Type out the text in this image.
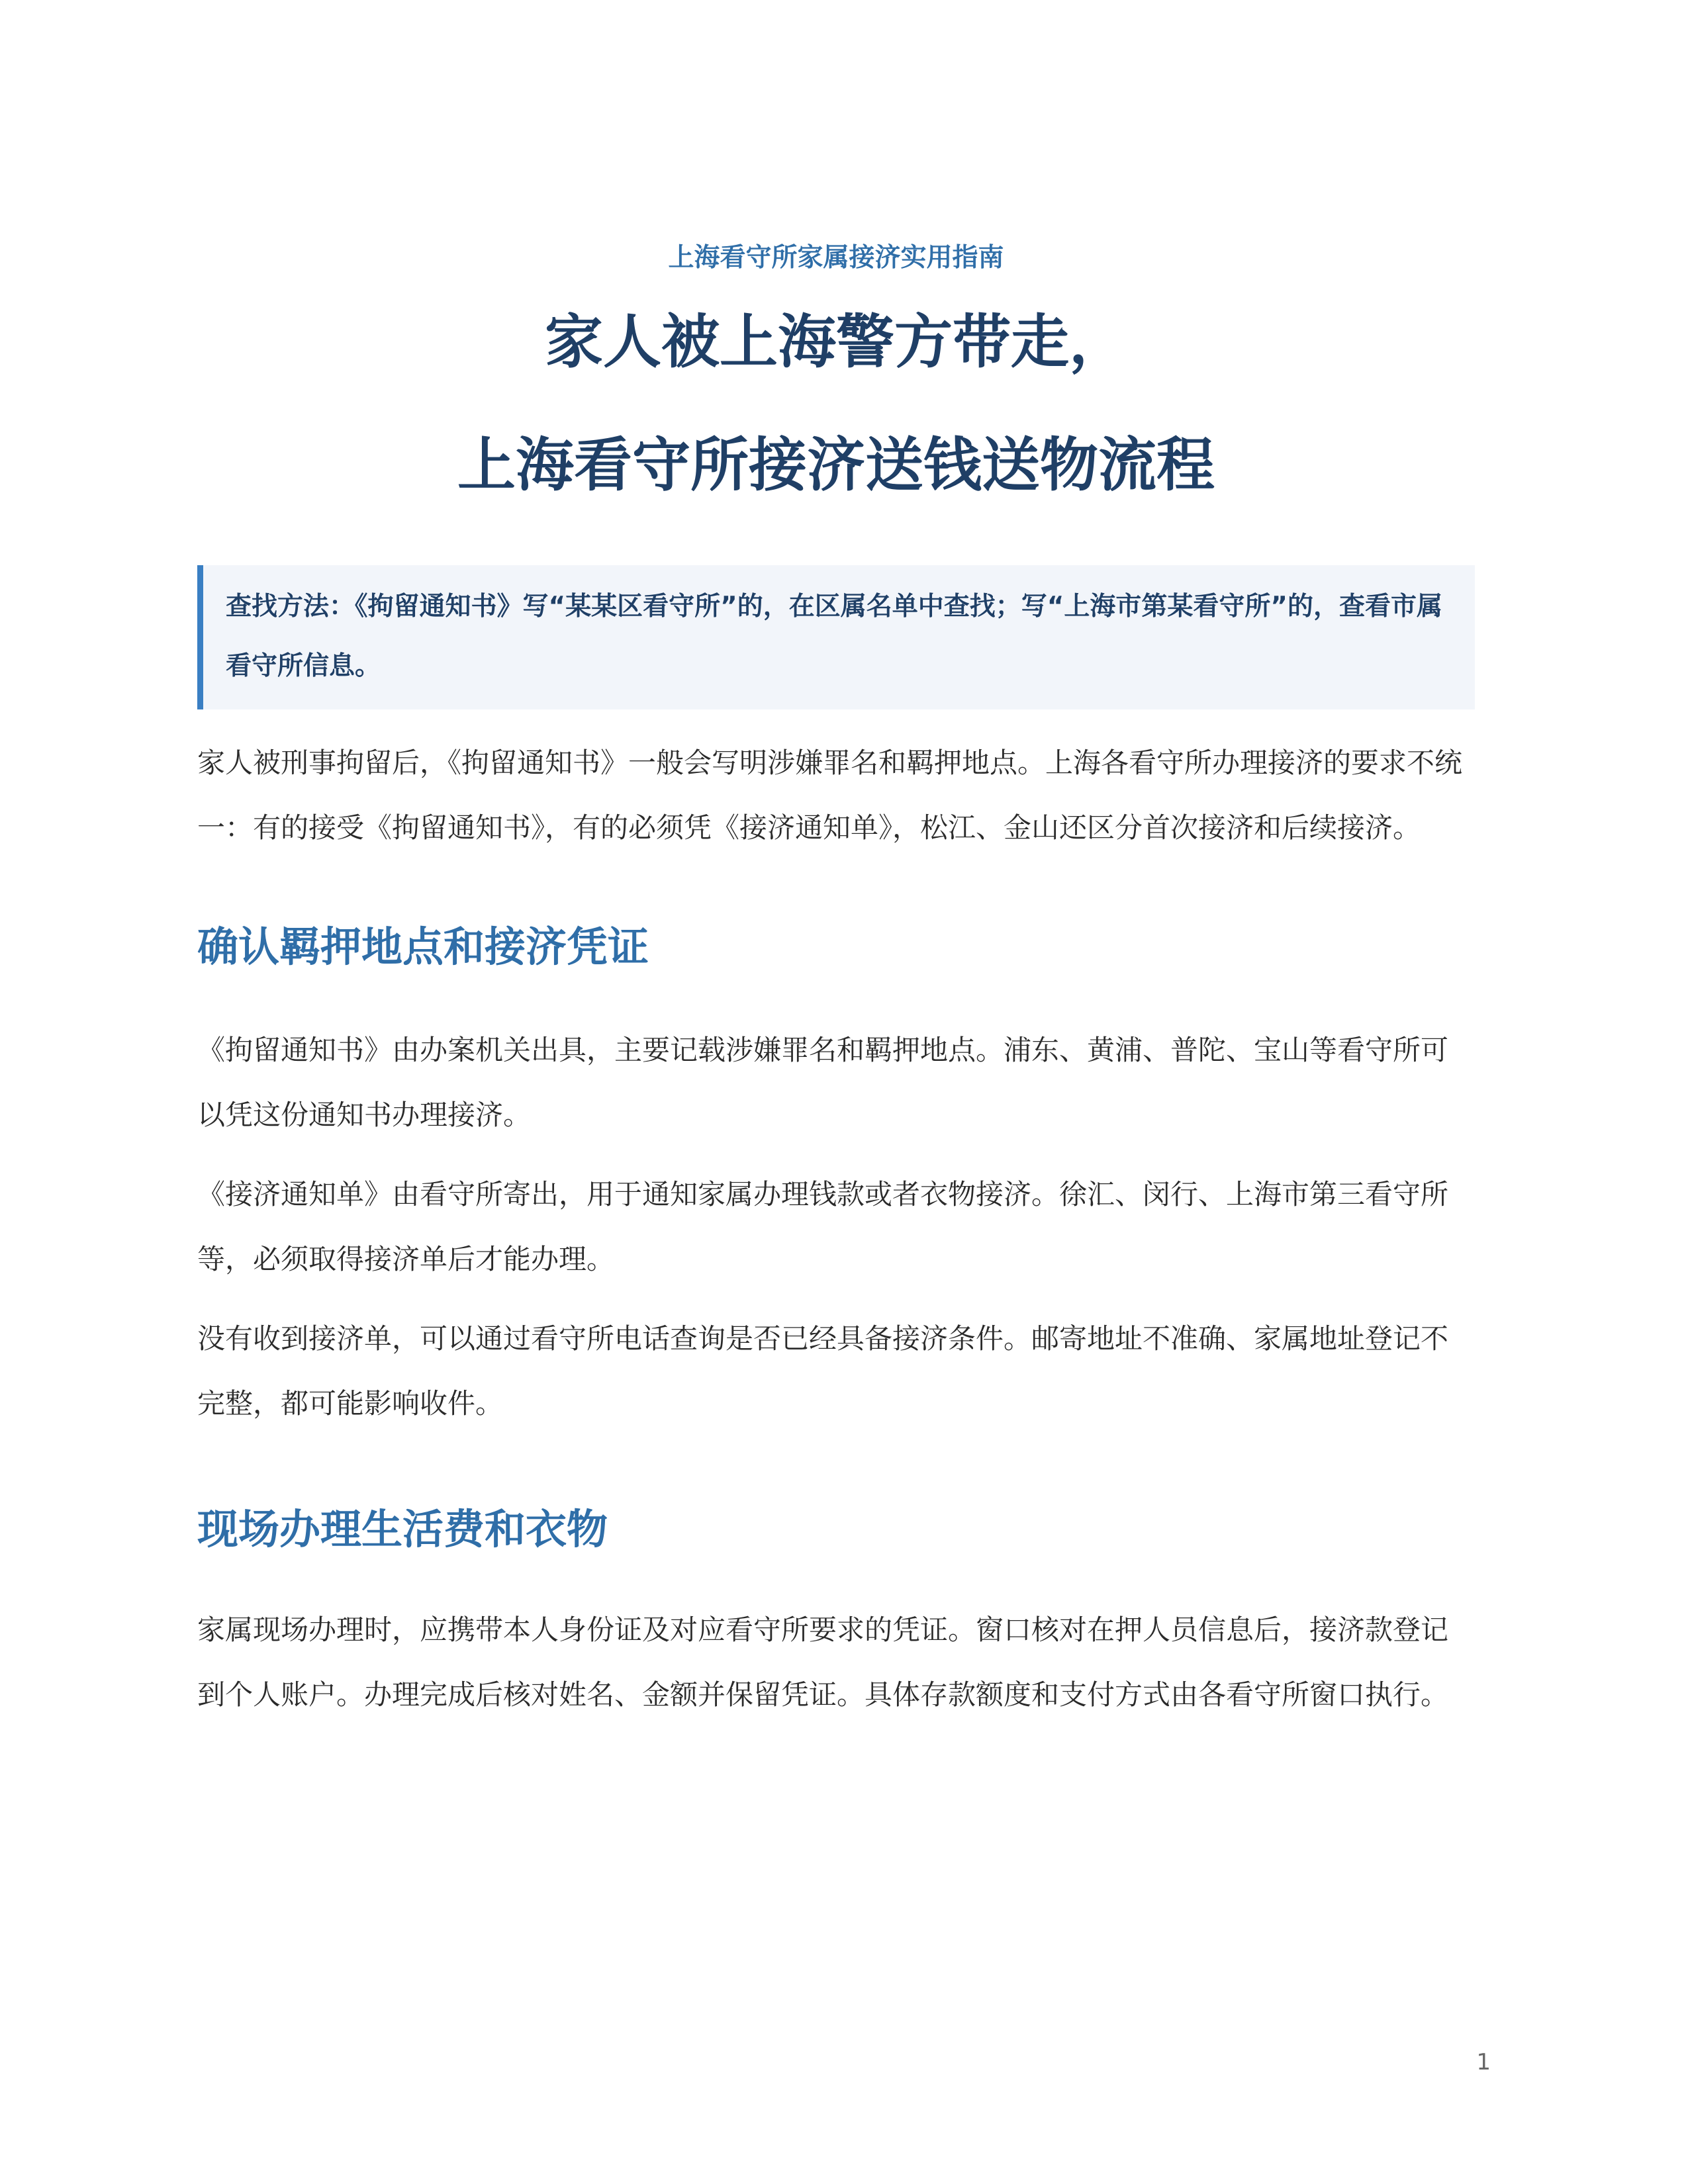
上海看守所家属接济实用指南

家人被上海警方带走，
上海看守所接济送钱送物流程
查找方法：《拘留通知书》写“某某区看守所”的，在区属名单中查找；写“上海市第某看守所”的，查看市属看守所信息。

家人被刑事拘留后，《拘留通知书》一般会写明涉嫌罪名和羁押地点。上海各看守所办理接济的要求不统一：有的接受《拘留通知书》，有的必须凭《接济通知单》，松江、金山还区分首次接济和后续接济。

确认羁押地点和接济凭证

《拘留通知书》由办案机关出具，主要记载涉嫌罪名和羁押地点。浦东、黄浦、普陀、宝山等看守所可以凭这份通知书办理接济。

《接济通知单》由看守所寄出，用于通知家属办理钱款或者衣物接济。徐汇、闵行、上海市第三看守所等，必须取得接济单后才能办理。

没有收到接济单，可以通过看守所电话查询是否已经具备接济条件。邮寄地址不准确、家属地址登记不完整，都可能影响收件。

现场办理生活费和衣物

家属现场办理时，应携带本人身份证及对应看守所要求的凭证。窗口核对在押人员信息后，接济款登记到个人账户。办理完成后核对姓名、金额并保留凭证。具体存款额度和支付方式由各看守所窗口执行。

1
